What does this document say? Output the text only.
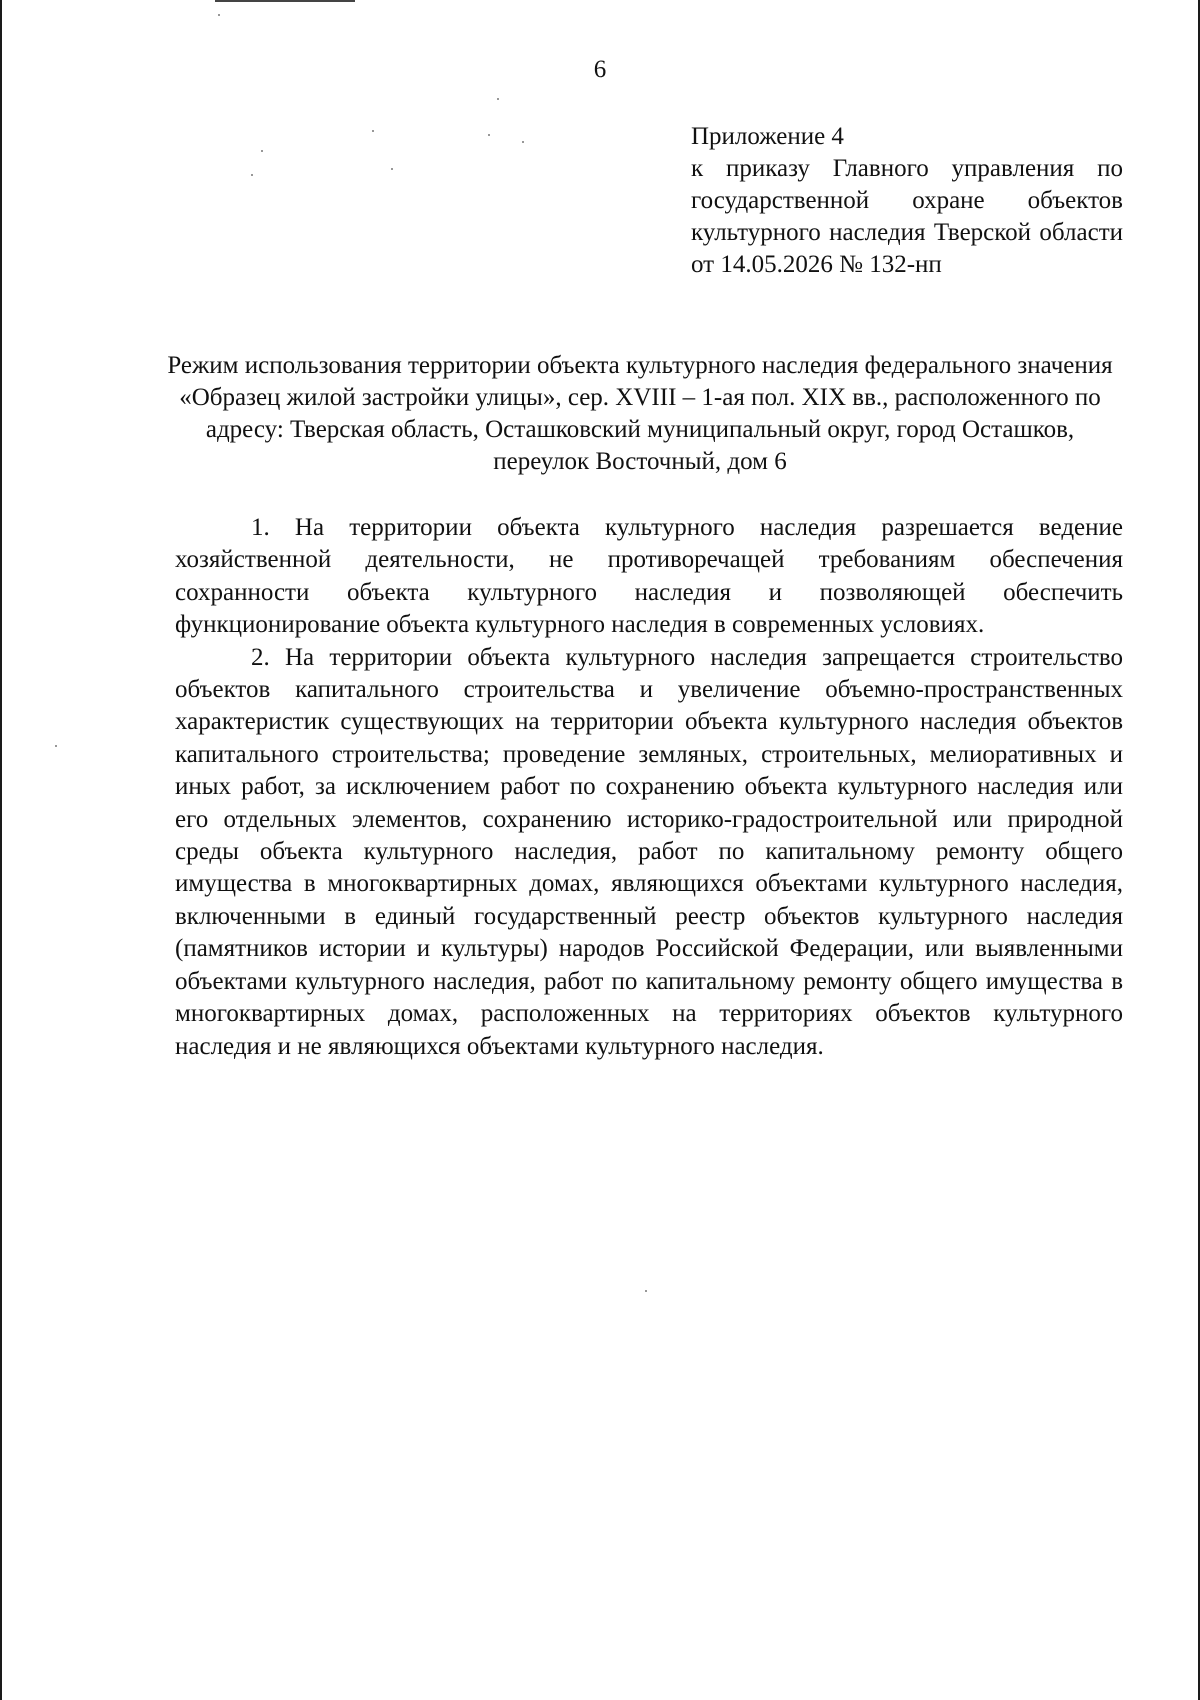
6
Приложение 4
к приказу Главного управления по государственной охране объектов культурного наследия Тверской области от 14.05.2026 № 132-нп
Режим использования территории объекта культурного наследия федерального значения «Образец жилой застройки улицы», сер. XVIII – 1-ая пол. XIX вв., расположенного по адресу: Тверская область, Осташковский муниципальный округ, город Осташков, переулок Восточный, дом 6

1. На территории объекта культурного наследия разрешается ведение хозяйственной деятельности, не противоречащей требованиям обеспечения сохранности объекта культурного наследия и позволяющей обеспечить функционирование объекта культурного наследия в современных условиях.

2. На территории объекта культурного наследия запрещается строительство объектов капитального строительства и увеличение объемно-пространственных характеристик существующих на территории объекта культурного наследия объектов капитального строительства; проведение земляных, строительных, мелиоративных и иных работ, за исключением работ по сохранению объекта культурного наследия или его отдельных элементов, сохранению историко-градостроительной или природной среды объекта культурного наследия, работ по капитальному ремонту общего имущества в многоквартирных домах, являющихся объектами культурного наследия, включенными в единый государственный реестр объектов культурного наследия (памятников истории и культуры) народов Российской Федерации, или выявленными объектами культурного наследия, работ по капитальному ремонту общего имущества в многоквартирных домах, расположенных на территориях объектов культурного наследия и не являющихся объектами культурного наследия.
